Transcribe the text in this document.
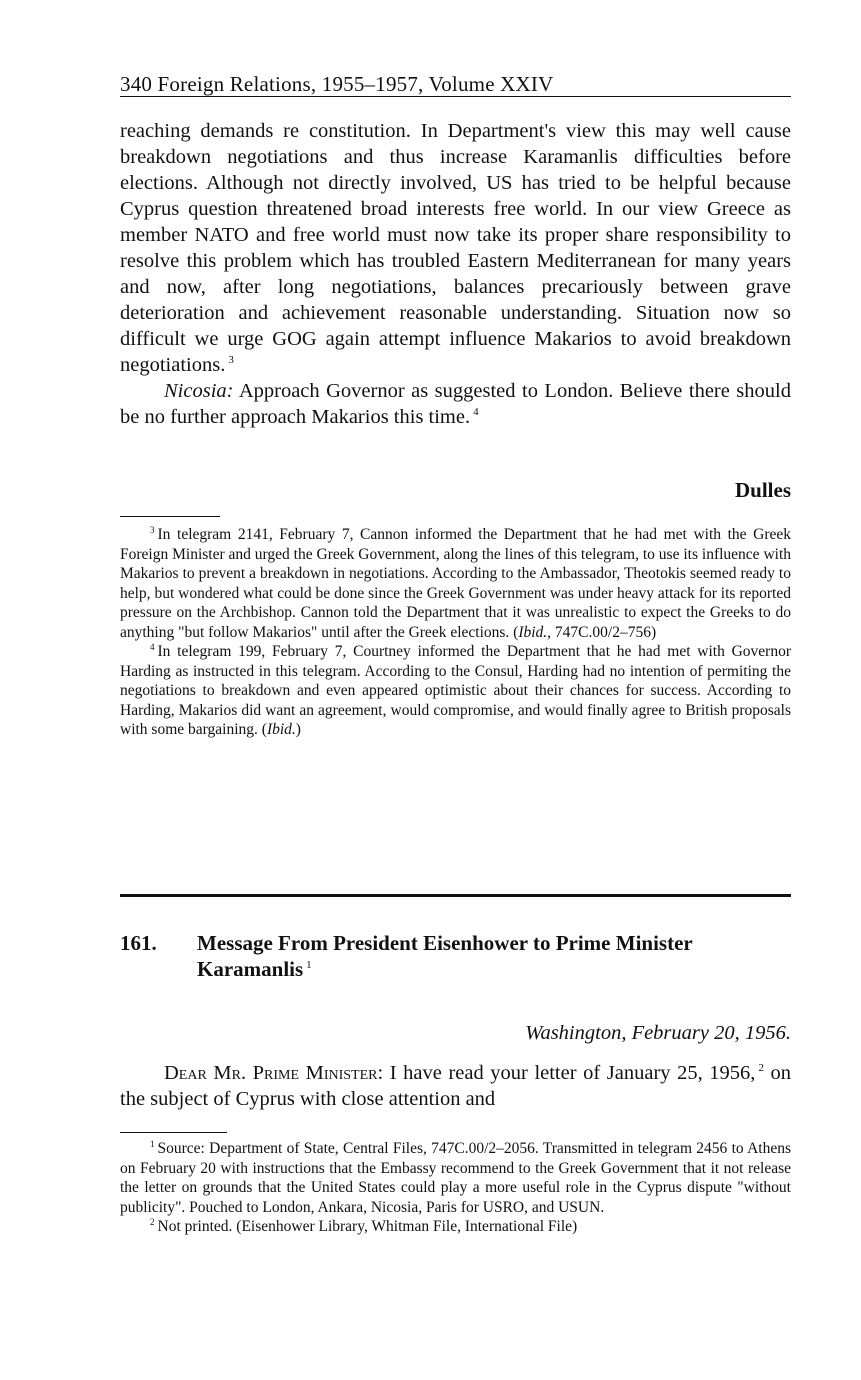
340 Foreign Relations, 1955–1957, Volume XXIV

reaching demands re constitution. In Department's view this may well cause breakdown negotiations and thus increase Karamanlis difficulties before elections. Although not directly involved, US has tried to be helpful because Cyprus question threatened broad interests free world. In our view Greece as member NATO and free world must now take its proper share responsibility to resolve this problem which has troubled Eastern Mediterranean for many years and now, after long negotiations, balances precariously between grave deterioration and achievement reasonable understanding. Situation now so difficult we urge GOG again attempt influence Makarios to avoid breakdown negotiations. $^3$

Nicosia: Approach Governor as suggested to London. Believe there should be no further approach Makarios this time. $^4$

Dulles

$^3$ In telegram 2141, February 7, Cannon informed the Department that he had met with the Greek Foreign Minister and urged the Greek Government, along the lines of this telegram, to use its influence with Makarios to prevent a breakdown in negotiations. According to the Ambassador, Theotokis seemed ready to help, but wondered what could be done since the Greek Government was under heavy attack for its reported pressure on the Archbishop. Cannon told the Department that it was unrealistic to expect the Greeks to do anything "but follow Makarios" until after the Greek elections. (Ibid., 747C.00/2–756)

$^4$ In telegram 199, February 7, Courtney informed the Department that he had met with Governor Harding as instructed in this telegram. According to the Consul, Harding had no intention of permiting the negotiations to breakdown and even appeared optimistic about their chances for success. According to Harding, Makarios did want an agreement, would compromise, and would finally agree to British proposals with some bargaining. (Ibid.)

161. Message From President Eisenhower to Prime Minister Karamanlis $^1$
Washington, February 20, 1956.

Dear Mr. Prime Minister: I have read your letter of January 25, 1956, $^2$ on the subject of Cyprus with close attention and

$^1$ Source: Department of State, Central Files, 747C.00/2–2056. Transmitted in telegram 2456 to Athens on February 20 with instructions that the Embassy recommend to the Greek Government that it not release the letter on grounds that the United States could play a more useful role in the Cyprus dispute "without publicity". Pouched to London, Ankara, Nicosia, Paris for USRO, and USUN.

$^2$ Not printed. (Eisenhower Library, Whitman File, International File)
